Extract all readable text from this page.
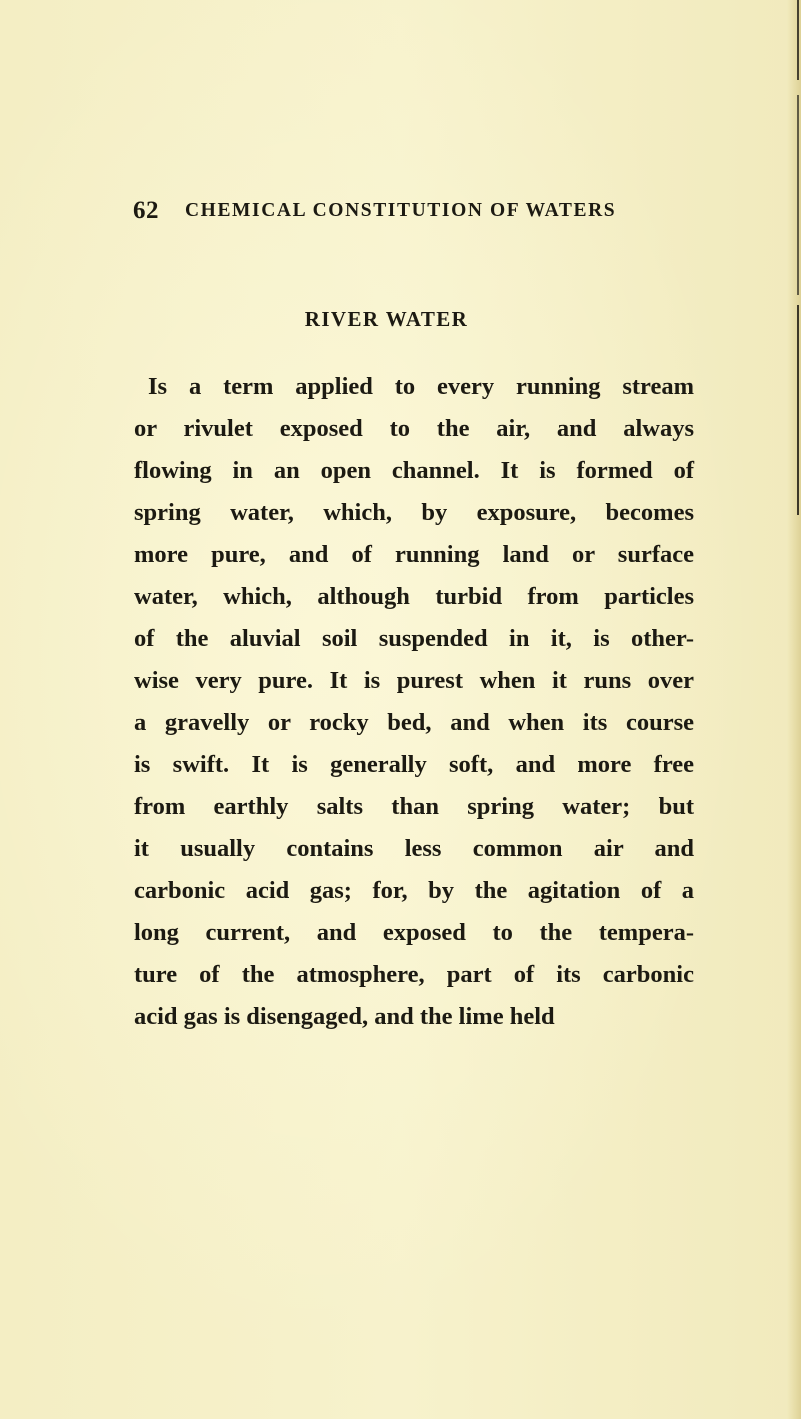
62 CHEMICAL CONSTITUTION OF WATERS
RIVER WATER
Is a term applied to every running stream
or rivulet exposed to the air, and always
flowing in an open channel. It is formed of
spring water, which, by exposure, becomes
more pure, and of running land or surface
water, which, although turbid from particles
of the aluvial soil suspended in it, is other-
wise very pure. It is purest when it runs over
a gravelly or rocky bed, and when its course
is swift. It is generally soft, and more free
from earthly salts than spring water; but
it usually contains less common air and
carbonic acid gas; for, by the agitation of a
long current, and exposed to the tempera-
ture of the atmosphere, part of its carbonic
acid gas is disengaged, and the lime held
